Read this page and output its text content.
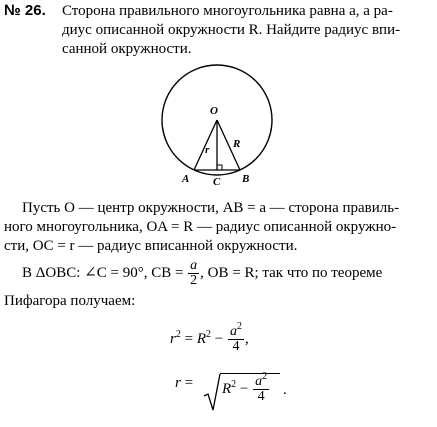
№ 26. Сторона правильного многоугольника равна a, а ра-
диус описанной окружности R. Найдите радиус впи-
санной окружности.
O
R
r
A C B
Пусть O — центр окружности, AB = a — сторона правиль-
ного многоугольника, OA = R — радиус описанной окружно-
сти, OC = r — радиус вписанной окружности.
В ΔOBC: ∠C = 90°, CB = $\frac{a}{2}$ , OB = R; так что по теореме
Пифагора получаем:
$r^2 = R^2 - \frac{a^2}{4}$ ,
$r = R^2 - \frac{a^2}{4}$ .
